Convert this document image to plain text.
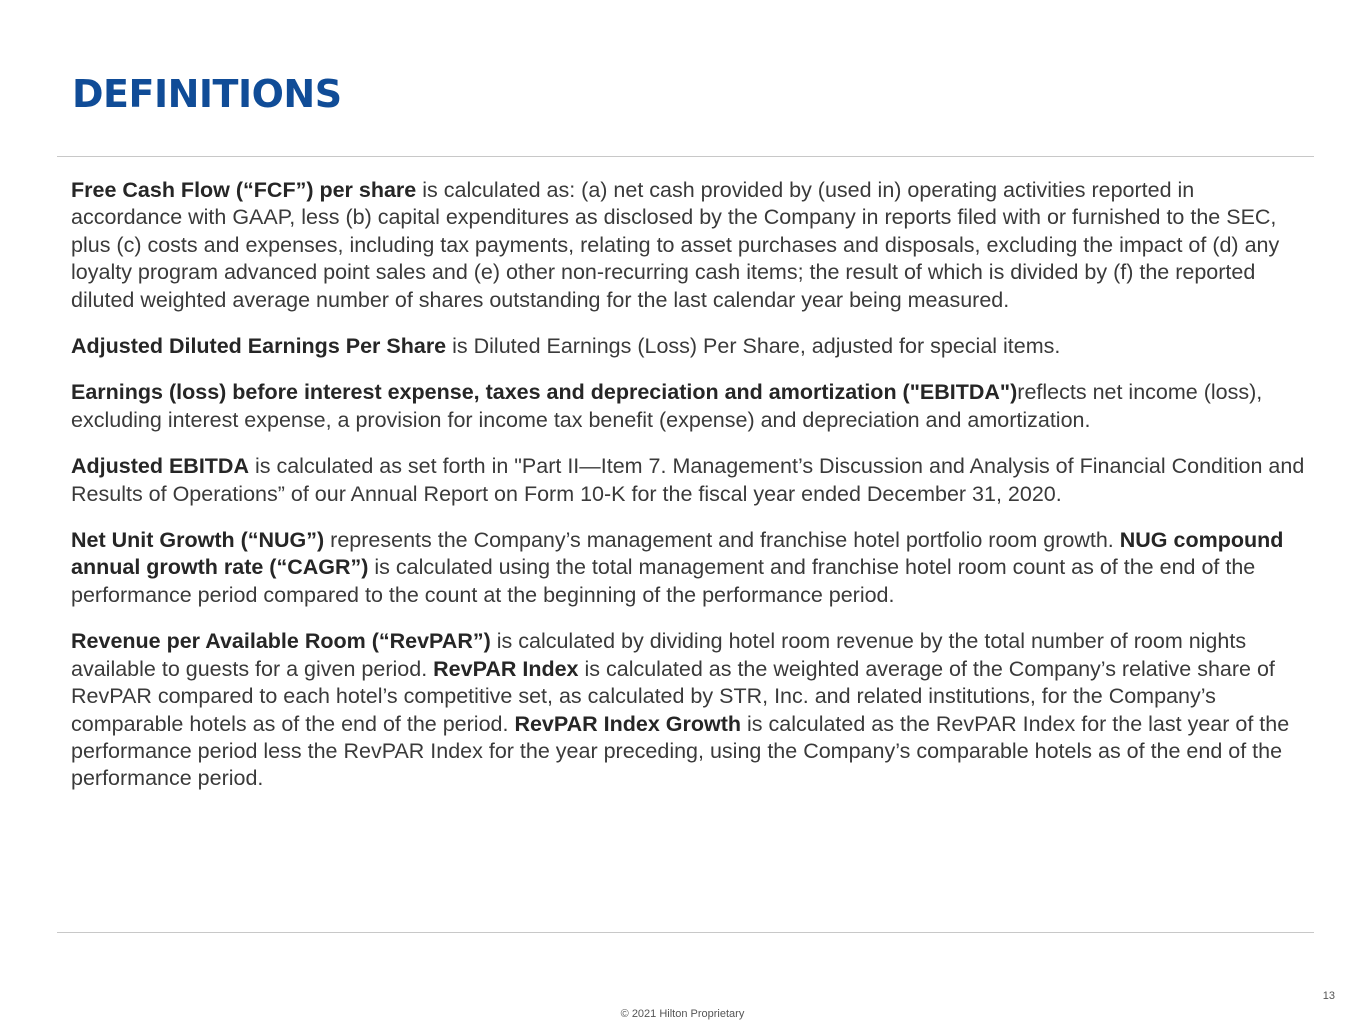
DEFINITIONS

Free Cash Flow (“FCF”) per share is calculated as: (a) net cash provided by (used in) operating activities reported in accordance with GAAP, less (b) capital expenditures as disclosed by the Company in reports filed with or furnished to the SEC, plus (c) costs and expenses, including tax payments, relating to asset purchases and disposals, excluding the impact of (d) any loyalty program advanced point sales and (e) other non-recurring cash items; the result of which is divided by (f) the reported diluted weighted average number of shares outstanding for the last calendar year being measured.

Adjusted Diluted Earnings Per Share is Diluted Earnings (Loss) Per Share, adjusted for special items.

Earnings (loss) before interest expense, taxes and depreciation and amortization ("EBITDA")reflects net income (loss), excluding interest expense, a provision for income tax benefit (expense) and depreciation and amortization.

Adjusted EBITDA is calculated as set forth in "Part II—Item 7. Management’s Discussion and Analysis of Financial Condition and Results of Operations” of our Annual Report on Form 10-K for the fiscal year ended December 31, 2020.

Net Unit Growth (“NUG”) represents the Company’s management and franchise hotel portfolio room growth. NUG compound annual growth rate (“CAGR”) is calculated using the total management and franchise hotel room count as of the end of the performance period compared to the count at the beginning of the performance period.

Revenue per Available Room (“RevPAR”) is calculated by dividing hotel room revenue by the total number of room nights available to guests for a given period. RevPAR Index is calculated as the weighted average of the Company’s relative share of RevPAR compared to each hotel’s competitive set, as calculated by STR, Inc. and related institutions, for the Company’s comparable hotels as of the end of the period. RevPAR Index Growth is calculated as the RevPAR Index for the last year of the performance period less the RevPAR Index for the year preceding, using the Company’s comparable hotels as of the end of the performance period.

13
© 2021 Hilton Proprietary
